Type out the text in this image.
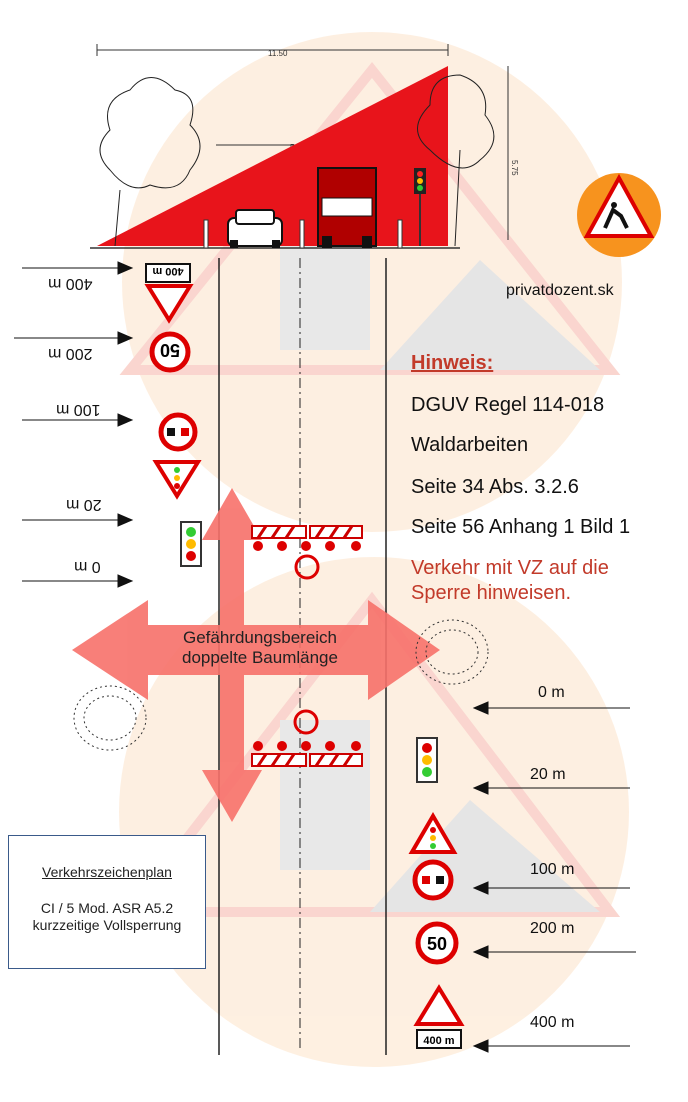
11.50
5.75
400 m
50
50
400 m
400 m
200 m
100 m
20 m
0 m
0 m
20 m
100 m
200 m
400 m
privatdozent.sk
Hinweis:
DGUV Regel 114-018
Waldarbeiten
Seite 34 Abs. 3.2.6
Seite 56 Anhang 1 Bild 1
Verkehr mit VZ auf die Sperre hinweisen.
Gefährdungsbereich
doppelte Baumlänge
Verkehrszeichenplan
CI / 5 Mod. ASR A5.2
kurzzeitige Vollsperrung
